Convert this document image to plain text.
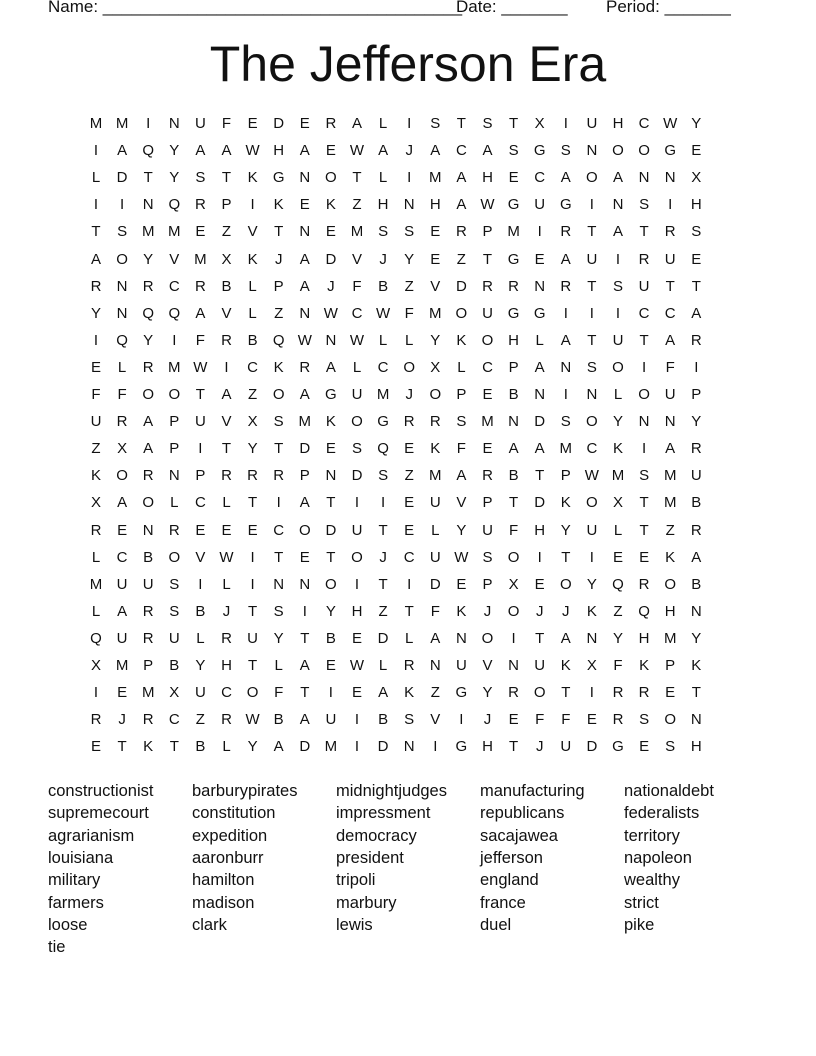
Name: ______________________________________
Date: _______ Period: _______
The Jefferson Era
M M	I	N	U	F	E	D	E	R	A	L	I	S	T	S	T	X	I	U	H	C W Y
I	A	Q	Y	A	A W H	A	E W A	J	A	C	A	S	G	S	N O O G	E
L	D	T	Y	S	T	K	G N O	T	L	I	M A	H	E	C	A	O	A	N	N	X
I	I	N Q R	P	I	K	E	K	Z	H	N	H	A W G U G	I	N	S	I	H
T	S M M E	Z	V	T	N	E M S	S	E	R	P M	I	R	T	A	T	R	S
A	O	Y	V M X	K	J	A	D	V	J	Y	E	Z	T	G	E	A	U	I	R	U	E
R	N	R	C	R	B	L	P	A	J	F	B	Z	V	D	R	R	N	R	T	S	U	T	T
Y	N Q Q	A	V	L	Z	N W C W F	M O U G G	I	I	I	C	C	A
I	Q	Y	I	F	R	B	Q W N W L	L	Y	K	O H	L	A	T	U	T	A	R
E	L	R M W	I	C	K	R	A	L	C O	X	L	C	P	A	N	S	O	I	F	I
F	F	O O	T	A	Z	O	A	G U M	J	O	P	E	B	N	I	N	L	O U	P
U	R	A	P	U	V	X	S M K	O G R	R	S M N	D	S	O	Y	N	N	Y
Z	X	A	P	I	T	Y	T	D	E	S	Q	E	K	F	E	A	A M C	K	I	A	R
K	O R	N	P	R	R	R	P	N	D	S	Z	M A	R	B	T	P W M S M U
X	A	O	L	C	L	T	I	A	T	I	I	E	U	V	P	T	D	K	O	X	T	M B
R	E	N	R	E	E	E	C O D	U	T	E	L	Y	U	F	H	Y	U	L	T	Z	R
L	C	B	O	V W	I	T	E	T	O	J	C	U W S	O	I	T	I	E	E	K	A
M U	U	S	I	L	I	N	N O	I	T	I	D	E	P	X	E	O	Y	Q R O	B
L	A	R	S	B	J	T	S	I	Y	H	Z	T	F	K	J	O	J	J	K	Z	Q H	N
Q U	R	U	L	R	U	Y	T	B	E	D	L	A	N O	I	T	A	N	Y	H M Y
X M P	B	Y	H	T	L	A	E W L	R	N	U	V	N	U	K	X	F	K	P	K
I	E M X	U	C O	F	T	I	E	A	K	Z	G	Y	R O	T	I	R	R	E	T
R	J	R	C	Z	R W B	A	U	I	B	S	V	I	J	E	F	F	E	R	S	O N
E	T	K	T	B	L	Y	A	D M	I	D	N	I	G H	T	J	U	D G	E	S	H
constructionist
supremecourt
agrarianism
louisiana
military
farmers
loose
tie
barburypirates
constitution
expedition
aaronburr
hamilton
madison
clark
midnightjudges
impressment
democracy
president
tripoli
marbury
lewis
manufacturing
republicans
sacajawea
jefferson
england
france
duel
nationaldebt
federalists
territory
napoleon
wealthy
strict
pike
